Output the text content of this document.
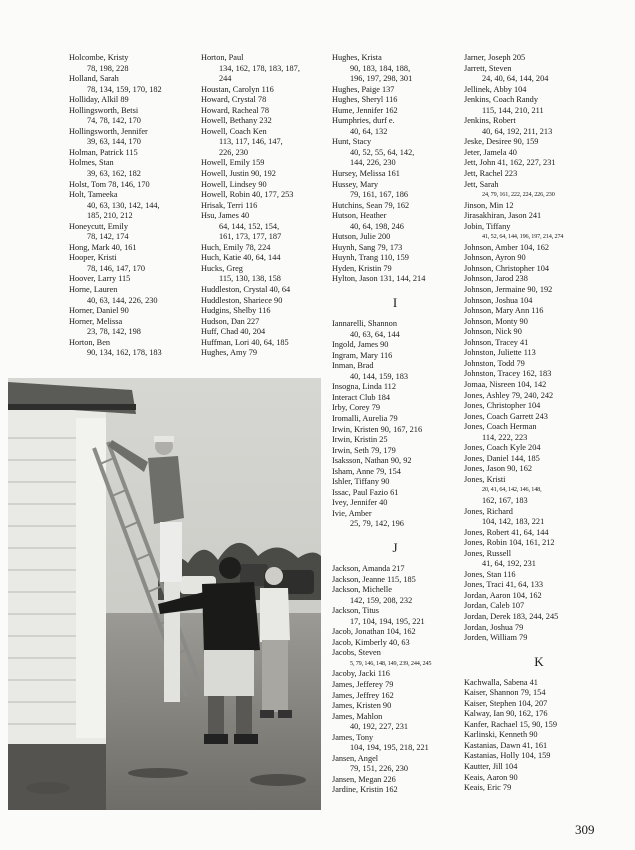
Holcombe, Kristy
78, 198, 228
Holland, Sarah
78, 134, 159, 170, 182
Holliday, Alkil 89
Hollingsworth, Betsi
74, 78, 142, 170
Hollingsworth, Jennifer
39, 63, 144, 170
Holman, Patrick 115
Holmes, Stan
39, 63, 162, 182
Holst, Tom 78, 146, 170
Holt, Tameeka
40, 63, 130, 142, 144,
185, 210, 212
Honeycutt, Emily
78, 142, 174
Hong, Mark 40, 161
Hooper, Kristi
78, 146, 147, 170
Hoover, Larry 115
Horne, Lauren
40, 63, 144, 226, 230
Horner, Daniel 90
Horner, Melissa
23, 78, 142, 198
Horton, Ben
90, 134, 162, 178, 183
Horton, Paul
134, 162, 178, 183, 187,
244
Houstan, Carolyn 116
Howard, Crystal 78
Howard, Racheal 78
Howell, Bethany 232
Howell, Coach Ken
113, 117, 146, 147,
226, 230
Howell, Emily 159
Howell, Justin 90, 192
Howell, Lindsey 90
Howell, Robin 40, 177, 253
Hrisak, Terri 116
Hsu, James 40
64, 144, 152, 154,
161, 173, 177, 187
Huch, Emily 78, 224
Huch, Katie 40, 64, 144
Hucks, Greg
115, 130, 138, 158
Huddleston, Crystal 40, 64
Huddleston, Shariece 90
Hudgins, Shelby 116
Hudson, Dan 227
Huff, Chad 40, 204
Huffman, Lori 40, 64, 185
Hughes, Amy 79
Hughes, Krista
90, 183, 184, 188,
196, 197, 298, 301
Hughes, Paige 137
Hughes, Sheryl 116
Hume, Jennifer 162
Humphries, durf e.
40, 64, 132
Hunt, Stacy
40, 52, 55, 64, 142,
144, 226, 230
Hursey, Melissa 161
Hussey, Mary
79, 161, 167, 186
Hutchins, Sean 79, 162
Hutson, Heather
40, 64, 198, 246
Hutson, Julie 200
Huynh, Sang 79, 173
Huynh, Trang 110, 159
Hyden, Kristin 79
Hylton, Jason 131, 144, 214
I
Iannarelli, Shannon
40, 63, 64, 144
Ingold, James 90
Ingram, Mary 116
Inman, Brad
40, 144, 159, 183
Insogna, Linda 112
Interact Club 184
Irby, Corey 79
Iromalli, Aurelia 79
Irwin, Kristen 90, 167, 216
Irwin, Kristin 25
Irwin, Seth 79, 179
Isaksson, Nathan 90, 92
Isham, Anne 79, 154
Ishler, Tiffany 90
Issac, Paul Fazio 61
Ivey, Jennifer 40
Ivie, Amber
25, 79, 142, 196
J
Jackson, Amanda 217
Jackson, Jeanne 115, 185
Jackson, Michelle
142, 159, 208, 232
Jackson, Titus
17, 104, 194, 195, 221
Jacob, Jonathan 104, 162
Jacob, Kimberly 40, 63
Jacobs, Steven
5, 79, 146, 148, 149, 239, 244, 245
Jacoby, Jacki 116
James, Jefferey 79
James, Jeffrey 162
James, Kristen 90
James, Mahlon
40, 192, 227, 231
James, Tony
104, 194, 195, 218, 221
Jansen, Angel
79, 151, 226, 230
Jansen, Megan 226
Jardine, Kristin 162
Jarner, Joseph 205
Jarrett, Steven
24, 40, 64, 144, 204
Jellinek, Abby 104
Jenkins, Coach Randy
115, 144, 210, 211
Jenkins, Robert
40, 64, 192, 211, 213
Jeske, Desiree 90, 159
Jeter, Jamela 40
Jett, John 41, 162, 227, 231
Jett, Rachel 223
Jett, Sarah
24, 79, 161, 222, 224, 226, 230
Jinson, Min 12
Jirasakhiran, Jason 241
Jobin, Tiffany
41, 52, 64, 144, 196, 197, 214, 274
Johnson, Amber 104, 162
Johnson, Ayron 90
Johnson, Christopher 104
Johnson, Jarod 238
Johnson, Jermaine 90, 192
Johnson, Joshua 104
Johnson, Mary Ann 116
Johnson, Monty 90
Johnson, Nick 90
Johnson, Tracey 41
Johnston, Juliette 113
Johnston, Todd 79
Johnston, Tracey 162, 183
Jomaa, Nisreen 104, 142
Jones, Ashley 79, 240, 242
Jones, Christopher 104
Jones, Coach Garrett 243
Jones, Coach Herman
114, 222, 223
Jones, Coach Kyle 204
Jones, Daniel 144, 185
Jones, Jason 90, 162
Jones, Kristi
20, 41, 64, 142, 146, 148,
162, 167, 183
Jones, Richard
104, 142, 183, 221
Jones, Robert 41, 64, 144
Jones, Robin 104, 161, 212
Jones, Russell
41, 64, 192, 231
Jones, Stan 116
Jones, Traci 41, 64, 133
Jordan, Aaron 104, 162
Jordan, Caleb 107
Jordan, Derek 183, 244, 245
Jordan, Joshua 79
Jorden, William 79
K
Kachwalla, Sabena 41
Kaiser, Shannon 79, 154
Kaiser, Stephen 104, 207
Kalway, Ian 90, 162, 176
Kanfer, Rachael 15, 90, 159
Karlinski, Kenneth 90
Kastanias, Dawn 41, 161
Kastanias, Holly 104, 159
Kautter, Jill 104
Keais, Aaron 90
Keais, Eric 79
309
